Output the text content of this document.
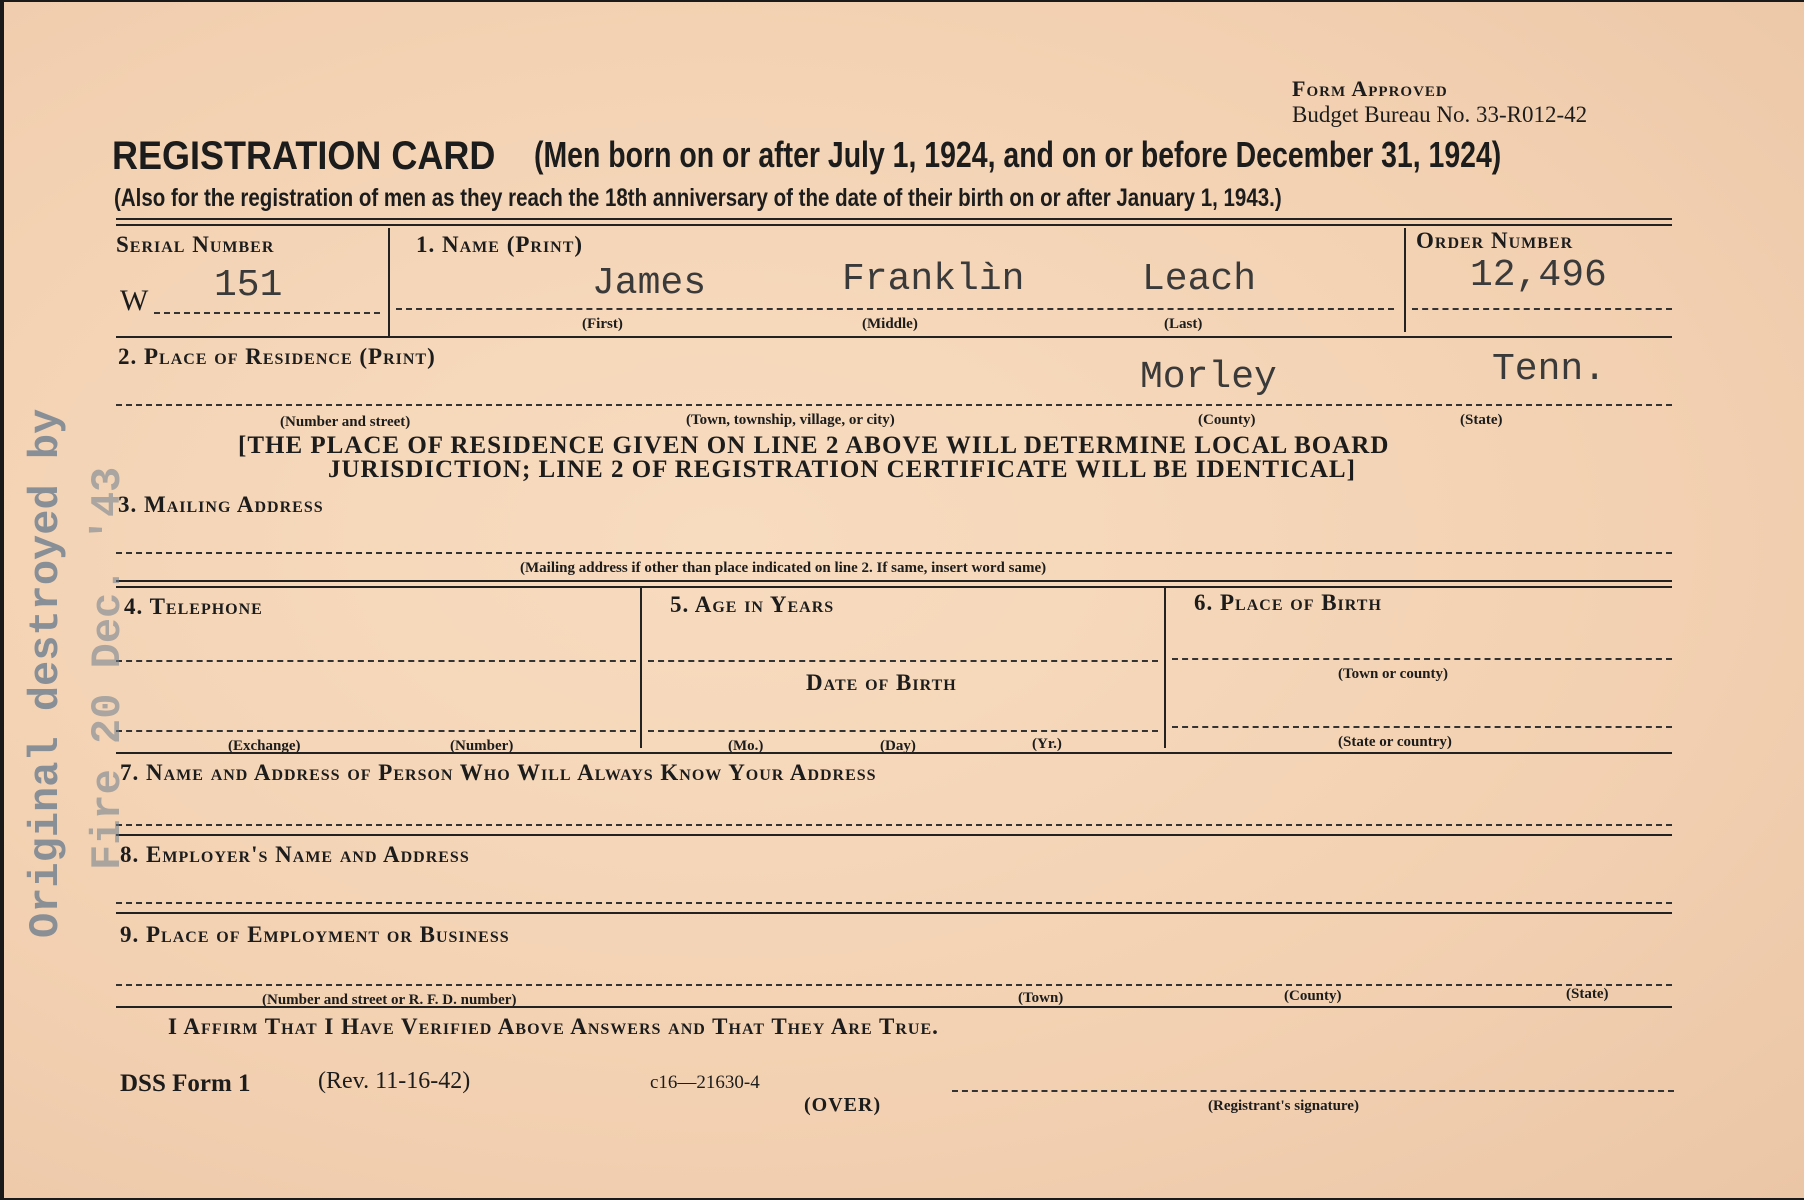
Form Approved
Budget Bureau No. 33-R012-42
REGISTRATION CARD (Men born on or after July 1, 1924, and on or before December 31, 1924)
(Also for the registration of men as they reach the 18th anniversary of the date of their birth on or after January 1, 1943.)
Serial Number
W 151
1. Name (Print)
James	Franklìn	Leach
(First)	(Middle)	(Last)
Order Number
12,496
2. Place of Residence (Print)	Morley	Tenn.
(Number and street)	(Town, township, village, or city)	(County)	(State)
[THE PLACE OF RESIDENCE GIVEN ON LINE 2 ABOVE WILL DETERMINE LOCAL BOARD
JURISDICTION; LINE 2 OF REGISTRATION CERTIFICATE WILL BE IDENTICAL]
3. Mailing Address
(Mailing address if other than place indicated on line 2. If same, insert word same)
4. Telephone
(Exchange)	(Number)
5. Age in Years
Date of Birth
(Mo.)	(Day)	(Yr.)
6. Place of Birth
(Town or county)
(State or country)
7. Name and Address of Person Who Will Always Know Your Address
8. Employer's Name and Address
9. Place of Employment or Business
(Number and street or R. F. D. number)	(Town)	(County)	(State)
I Affirm That I Have Verified Above Answers and That They Are True.
DSS Form 1	(Rev. 11-16-42)	c16—21630-4
(OVER)	(Registrant's signature)
Original destroyed by Fire 20 Dec. '43
